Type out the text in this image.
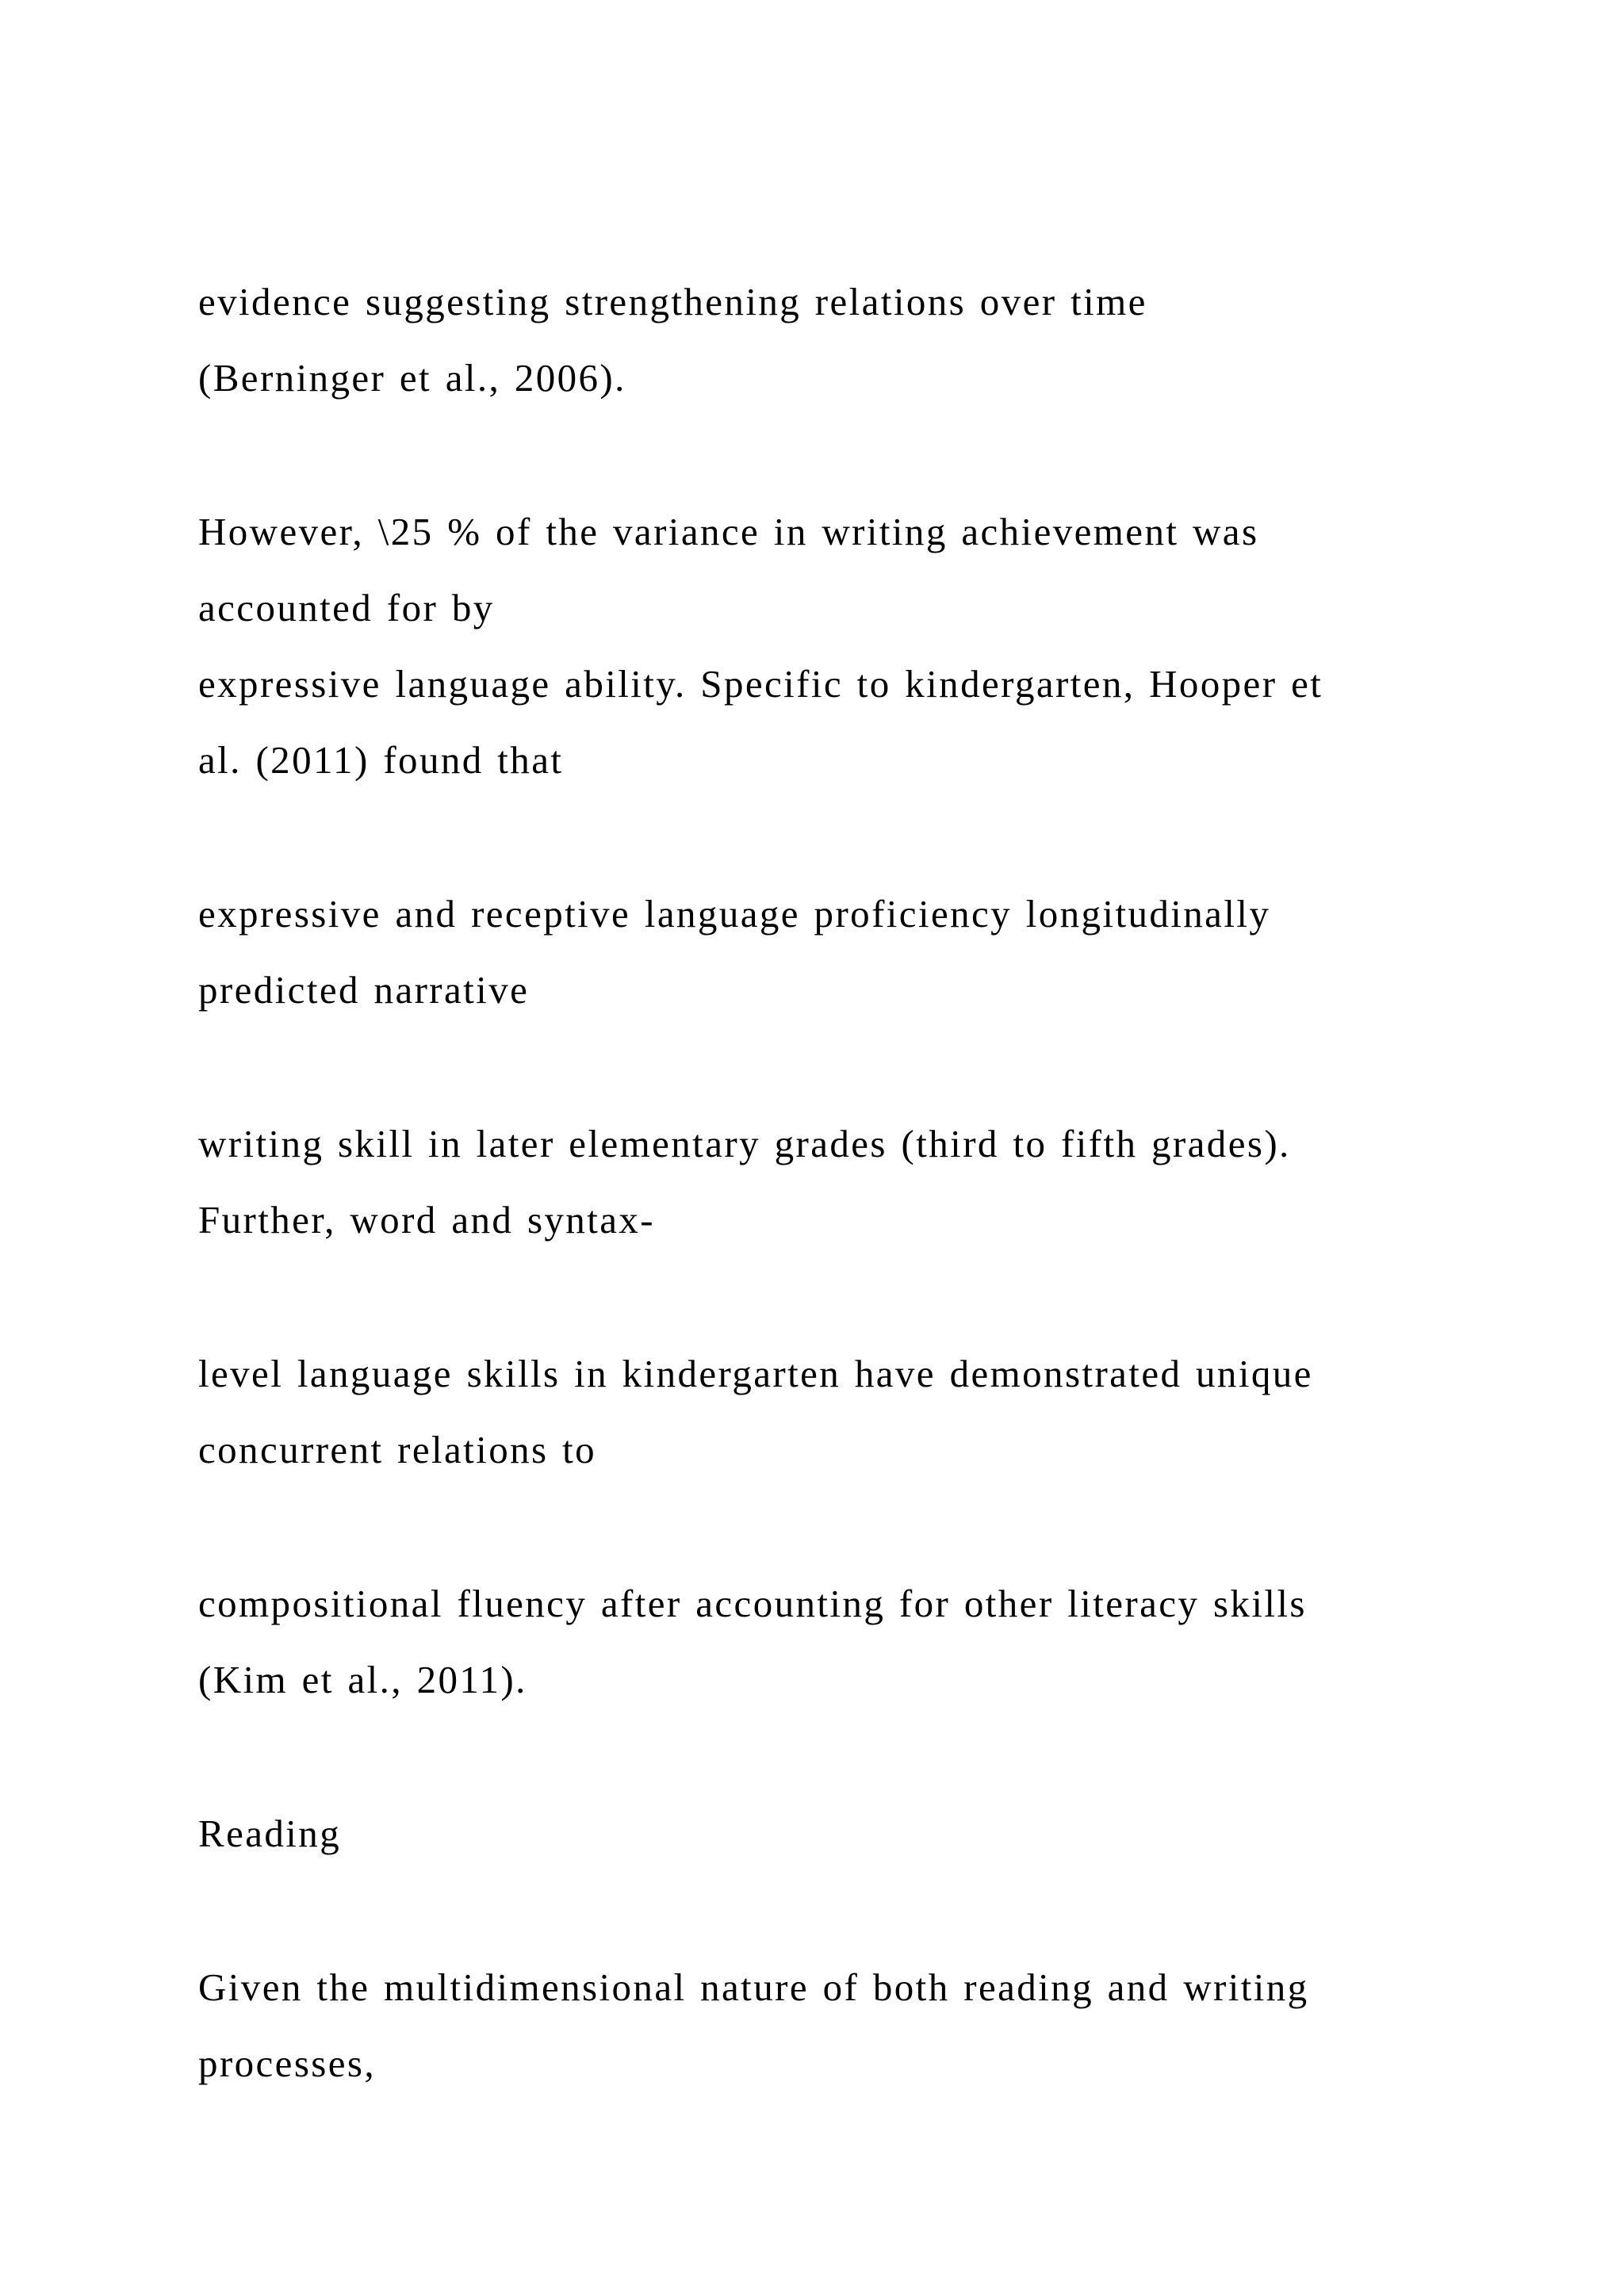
evidence suggesting strengthening relations over time
(Berninger et al., 2006).
However, \25 % of the variance in writing achievement was
accounted for by
expressive language ability. Specific to kindergarten, Hooper et
al. (2011) found that
expressive and receptive language proficiency longitudinally
predicted narrative
writing skill in later elementary grades (third to fifth grades).
Further, word and syntax-
level language skills in kindergarten have demonstrated unique
concurrent relations to
compositional fluency after accounting for other literacy skills
(Kim et al., 2011).
Reading
Given the multidimensional nature of both reading and writing
processes,
